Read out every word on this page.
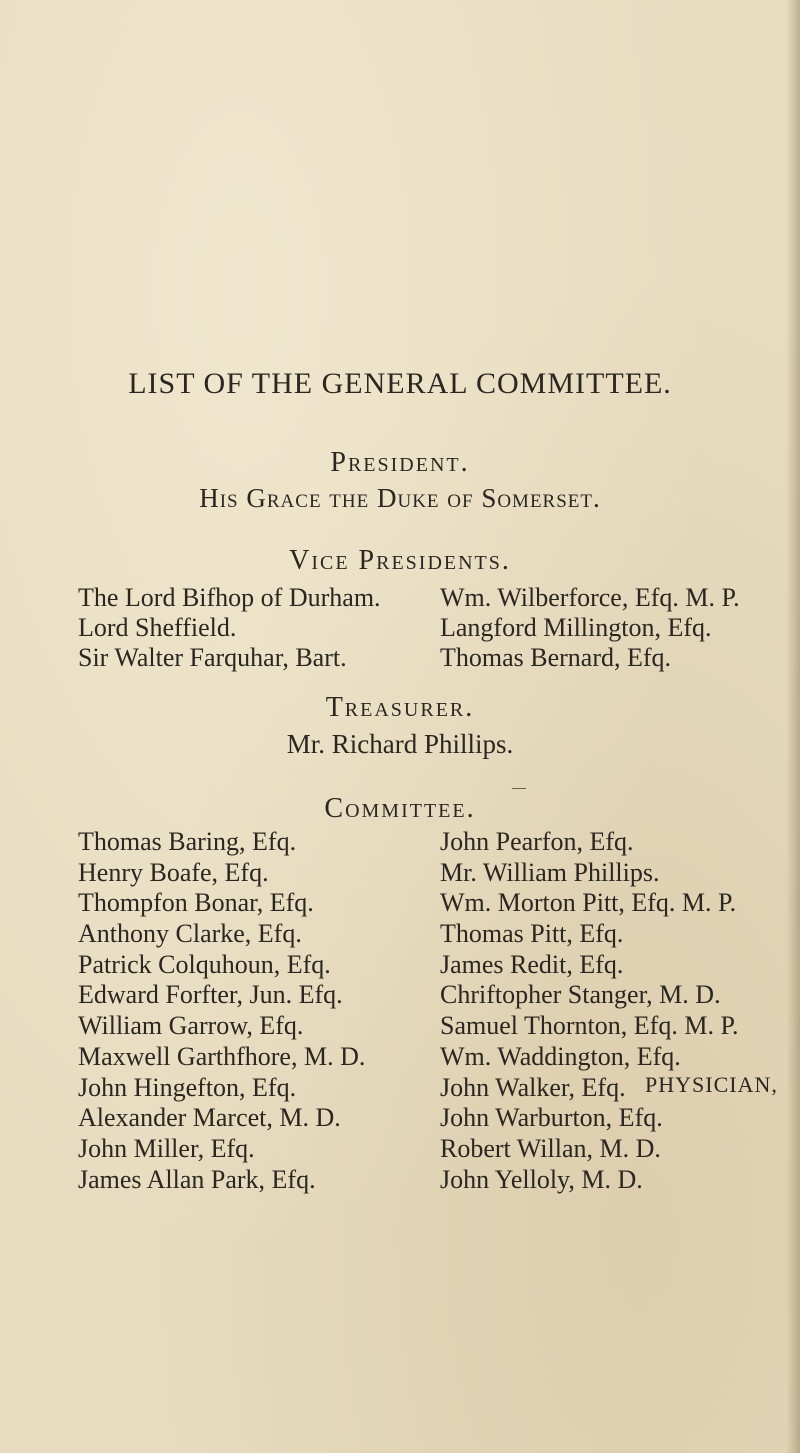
LIST OF THE GENERAL COMMITTEE.
President.

His Grace the Duke of Somerset.

Vice Presidents.
The Lord Bifhop of Durham.
Lord Sheffield.
Sir Walter Farquhar, Bart.
Wm. Wilberforce, Efq. M. P.
Langford Millington, Efq.
Thomas Bernard, Efq.
Treasurer.

Mr. Richard Phillips.

Committee.
Thomas Baring, Efq.
Henry Boafe, Efq.
Thompfon Bonar, Efq.
Anthony Clarke, Efq.
Patrick Colquhoun, Efq.
Edward Forfter, Jun. Efq.
William Garrow, Efq.
Maxwell Garthfhore, M. D.
John Hingefton, Efq.
Alexander Marcet, M. D.
John Miller, Efq.
James Allan Park, Efq.
John Pearfon, Efq.
Mr. William Phillips.
Wm. Morton Pitt, Efq. M. P.
Thomas Pitt, Efq.
James Redit, Efq.
Chriftopher Stanger, M. D.
Samuel Thornton, Efq. M. P.
Wm. Waddington, Efq.
John Walker, Efq.
John Warburton, Efq.
Robert Willan, M. D.
John Yelloly, M. D.
PHYSICIAN,
